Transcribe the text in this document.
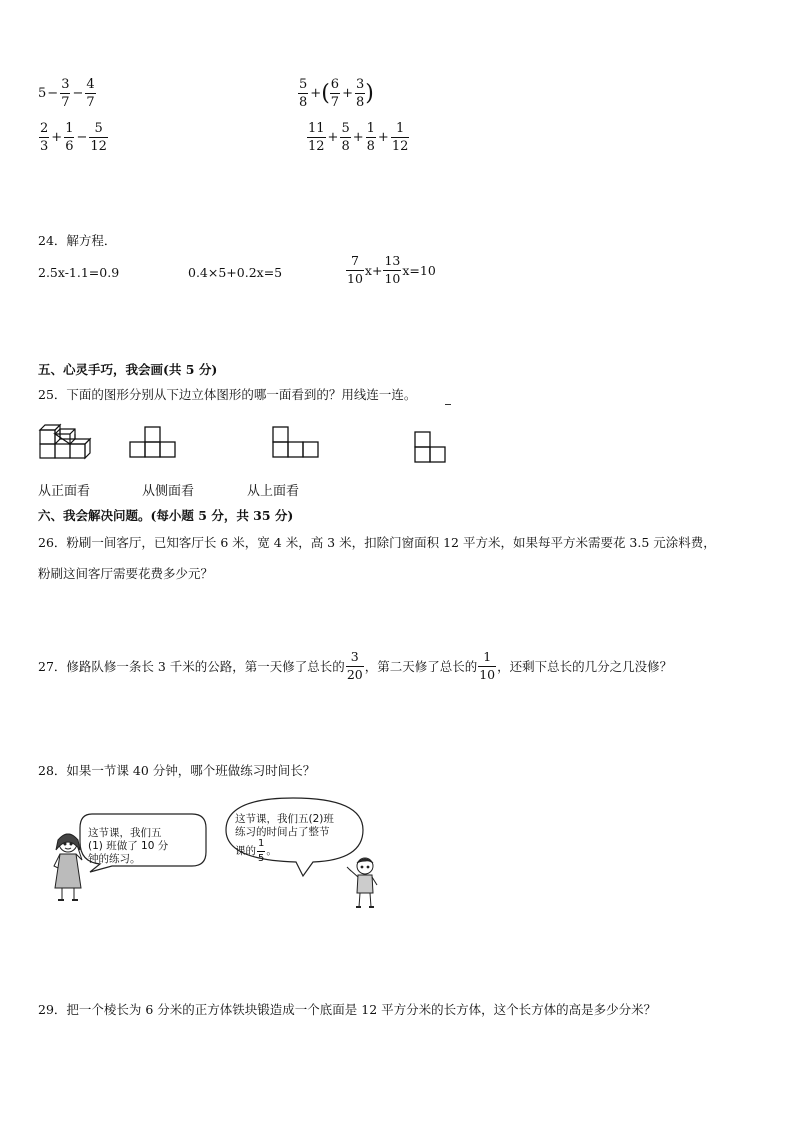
$5 - \frac{3}{7} - \frac{4}{7}$	$\frac{5}{8}$ + ( $\frac{6}{7} + \frac{3}{8}$ )
$\frac{2}{3} + \frac{1}{6} - \frac{5}{12}$	$\frac{11}{12} + \frac{5}{8} + \frac{1}{8} + \frac{1}{12}$
24．解方程．
2.5x-1.1=0.9	0.4×5+0.2x=5	$\frac{7}{10} x+ \frac{13}{10} x=10$
五、心灵手巧，我会画(共 5 分)
25．下面的图形分别从下边立体图形的哪一面看到的？用线连一连。
从正面看	从侧面看	从上面看
六、我会解决问题。(每小题 5 分，共 35 分)
26．粉刷一间客厅，已知客厅长 6 米，宽 4 米，高 3 米，扣除门窗面积 12 平方米，如果每平方米需要花 3.5 元涂料费，
粉刷这间客厅需要花费多少元？
27．修路队修一条长 3 千米的公路，第一天修了总长的 $\frac{3}{20}$ ，第二天修了总长的 $\frac{1}{10}$ ，还剩下总长的几分之几没修？
28．如果一节课 40 分钟，哪个班做练习时间长？
这节课，我们五
(1) 班做了 10 分
钟的练习。
这节课，我们五(2)班
练习的时间占了整节
课的 $\frac{1}{5}$ 。
29．把一个棱长为 6 分米的正方体铁块锻造成一个底面是 12 平方分米的长方体，这个长方体的高是多少分米？
